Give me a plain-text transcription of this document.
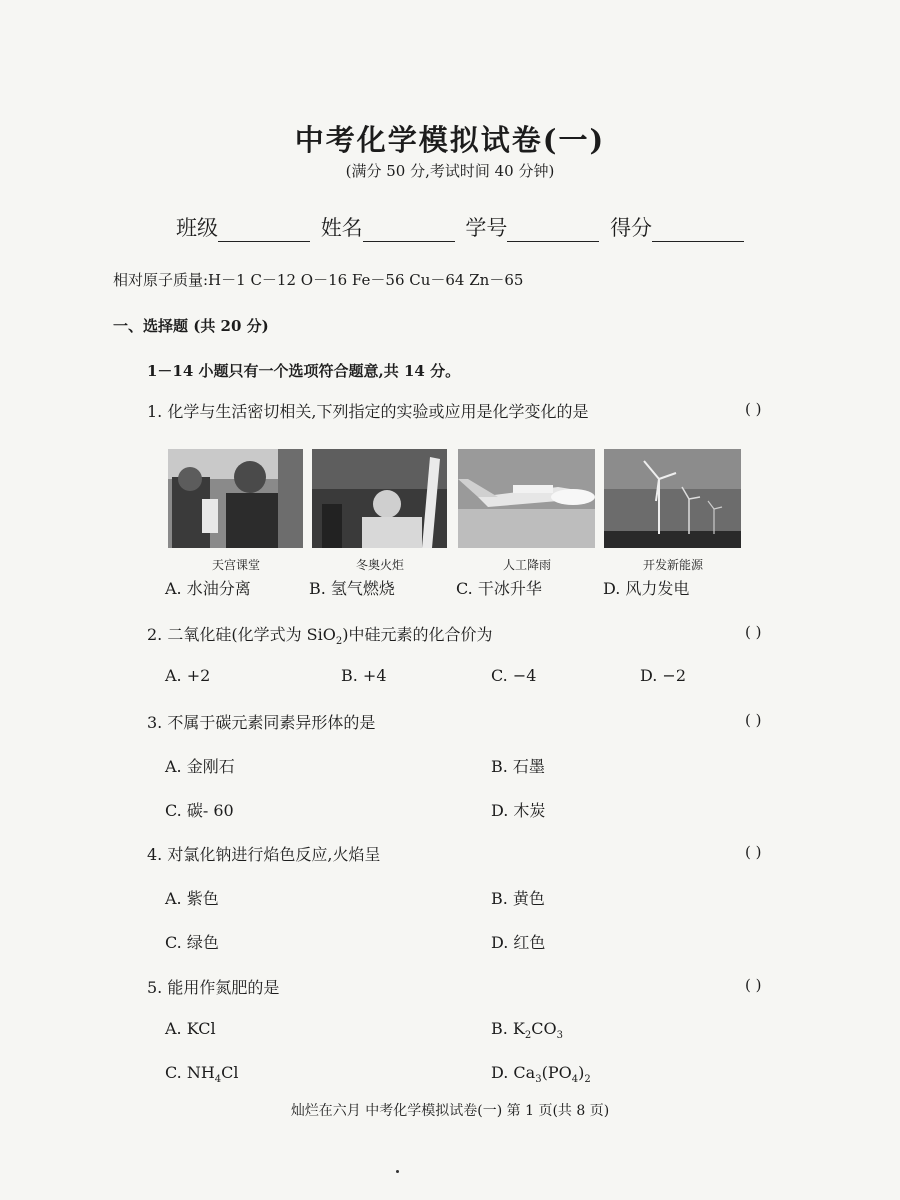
中考化学模拟试卷(一)
(满分 50 分,考试时间 40 分钟)
班级	姓名	学号	得分
相对原子质量:H－1 C－12 O－16 Fe－56 Cu－64 Zn－65
一、选择题 (共 20 分)
1－14 小题只有一个选项符合题意,共 14 分。
1. 化学与生活密切相关,下列指定的实验或应用是化学变化的是	( )
天宫课堂	冬奥火炬	人工降雨	开发新能源
A. 水油分离	B. 氢气燃烧	C. 干冰升华	D. 风力发电
2. 二氧化硅(化学式为 SiO$_2$)中硅元素的化合价为	( )
A. +2	B. +4	C. −4	D. −2
3. 不属于碳元素同素异形体的是	( )
A. 金刚石	B. 石墨
C. 碳- 60	D. 木炭
4. 对氯化钠进行焰色反应,火焰呈	( )
A. 紫色	B. 黄色
C. 绿色	D. 红色
5. 能用作氮肥的是	( )
A. KCl	B. $K_2CO_3$
C. $NH_4Cl$	D. $Ca_3(PO_4)_2$
灿烂在六月 中考化学模拟试卷(一) 第 1 页(共 8 页)
